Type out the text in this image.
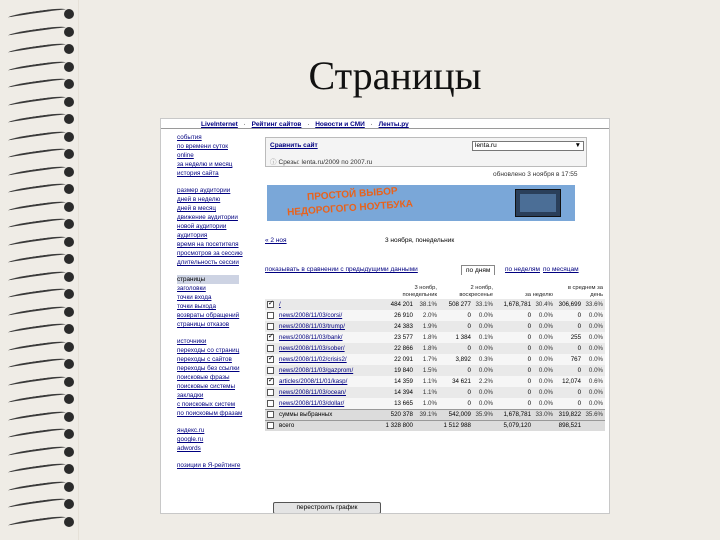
Страницы
LiveInternet · Рейтинг сайтов · Новости и СМИ · Ленты.ру
события
по времени суток
online
за неделю и месяц
история сайта
размер аудитории
дней в неделю
дней в месяц
движение аудитории
новой аудитории
аудитория
время на посетителя
просмотров за сессию
длительность сессии
страницы
заголовки
точки входа
точки выхода
возвраты обращений
страницы отказов
источники
переходы со страниц
переходы с сайтов
переходы без ссылки
поисковые фразы
поисковые системы
закладки
с поисковых систем
по поисковым фразам
яндекс.ru
google.ru
adwords
позиции в Я-рейтинге
Сравнить сайт	lenta.ru	▼
ⓘ Срезы: lenta.ru/2009 по 2007.ru
обновлено 3 ноября в 17:55
ПРОСТОЙ ВЫБОР
НЕДОРОГОГО НОУТБУКА
« 2 ноя	3 ноября, понедельник
показывать в сравнении с предыдущими данными	по дням	по неделям по месяцам
		3 ноябр, понедельник		2 ноябр, воскресенье		за неделю		в среднем за день	
✓	/	484 201	38.1%	508 277	33.1%	1,678,781	30.4%	306,699	33.6%
	news/2008/11/03/corsi/	26 910	2.0%	0	0.0%	0	0.0%	0	0.0%
	news/2008/11/03/trump/	24 383	1.9%	0	0.0%	0	0.0%	0	0.0%
✓	news/2008/11/03/bank/	23 577	1.8%	1 384	0.1%	0	0.0%	255	0.0%
	news/2008/11/03/sober/	22 866	1.8%	0	0.0%	0	0.0%	0	0.0%
✓	news/2008/11/02/crisis2/	22 091	1.7%	3,892	0.3%	0	0.0%	767	0.0%
	news/2008/11/03/gazprom/	19 840	1.5%	0	0.0%	0	0.0%	0	0.0%
✓	articles/2008/11/01/kasp/	14 359	1.1%	34 621	2.2%	0	0.0%	12,074	0.6%
	news/2008/11/03/ocean/	14 394	1.1%	0	0.0%	0	0.0%	0	0.0%
	news/2008/11/03/dollar/	13 665	1.0%	0	0.0%	0	0.0%	0	0.0%
	суммы выбранных	520 378	39.1%	542,009	35.9%	1,678,781	33.0%	319,822	35.6%
	всего	1 328 800		1 512 988		5,079,120		898,521	
перестроить график
